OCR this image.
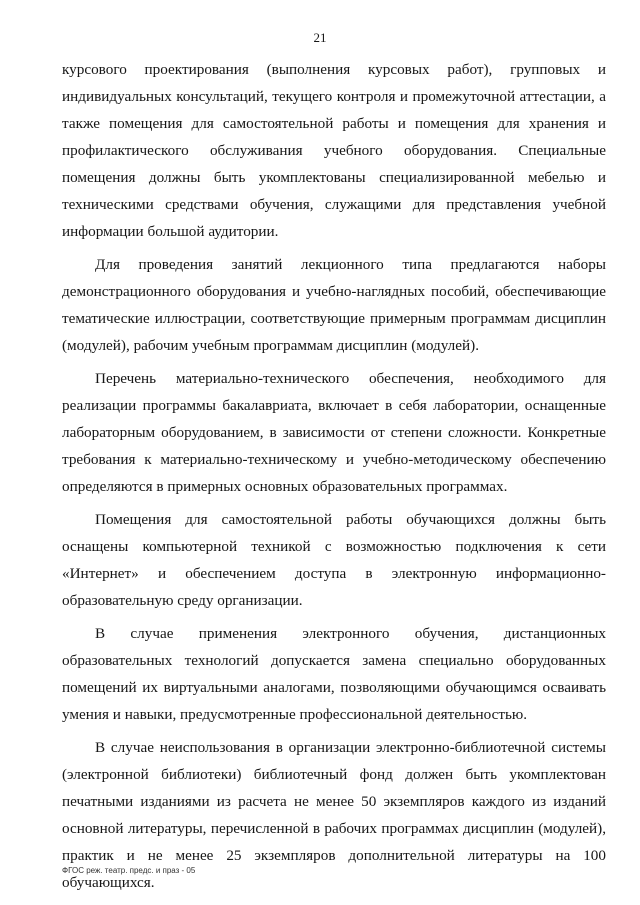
21

курсового проектирования (выполнения курсовых работ), групповых и индивидуальных консультаций, текущего контроля и промежуточной аттестации, а также помещения для самостоятельной работы и помещения для хранения и профилактического обслуживания учебного оборудования. Специальные помещения должны быть укомплектованы специализированной мебелью и техническими средствами обучения, служащими для представления учебной информации большой аудитории.

Для проведения занятий лекционного типа предлагаются наборы демонстрационного оборудования и учебно-наглядных пособий, обеспечивающие тематические иллюстрации, соответствующие примерным программам дисциплин (модулей), рабочим учебным программам дисциплин (модулей).

Перечень материально-технического обеспечения, необходимого для реализации программы бакалавриата, включает в себя лаборатории, оснащенные лабораторным оборудованием, в зависимости от степени сложности. Конкретные требования к материально-техническому и учебно-методическому обеспечению определяются в примерных основных образовательных программах.

Помещения для самостоятельной работы обучающихся должны быть оснащены компьютерной техникой с возможностью подключения к сети «Интернет» и обеспечением доступа в электронную информационно-образовательную среду организации.

В случае применения электронного обучения, дистанционных образовательных технологий допускается замена специально оборудованных помещений их виртуальными аналогами, позволяющими обучающимся осваивать умения и навыки, предусмотренные профессиональной деятельностью.

В случае неиспользования в организации электронно-библиотечной системы (электронной библиотеки) библиотечный фонд должен быть укомплектован печатными изданиями из расчета не менее 50 экземпляров каждого из изданий основной литературы, перечисленной в рабочих программах дисциплин (модулей), практик и не менее 25 экземпляров дополнительной литературы на 100 обучающихся.

ФГОС реж. театр. предс. и праз - 05
